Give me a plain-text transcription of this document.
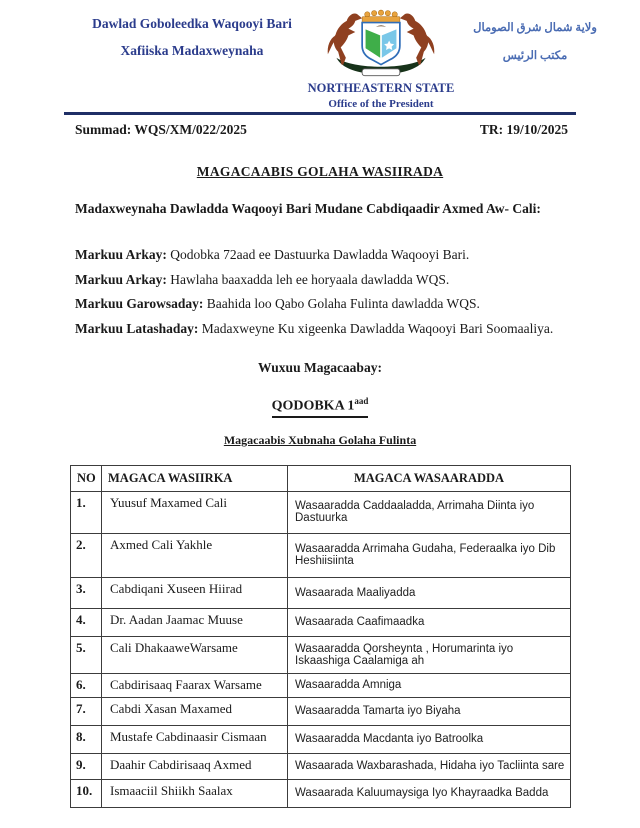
Dawlad Goboleedka Waqooyi Bari
Xafiiska Madaxweynaha
NORTHEASTERN STATE
Office of the President
ولاية شمال شرق الصومال
مكتب الرئيس
Summad: WQS/XM/022/2025	TR: 19/10/2025
MAGACAABIS GOLAHA WASIIRADA
Madaxweynaha Dawladda Waqooyi Bari Mudane Cabdiqaadir Axmed Aw- Cali:
Markuu Arkay: Qodobka 72aad ee Dastuurka Dawladda Waqooyi Bari.
Markuu Arkay: Hawlaha baaxadda leh ee horyaala dawladda WQS.
Markuu Garowsaday: Baahida loo Qabo Golaha Fulinta dawladda WQS.
Markuu Latashaday: Madaxweyne Ku xigeenka Dawladda Waqooyi Bari Soomaaliya.
Wuxuu Magacaabay:
QODOBKA $1^{aad}$
Magacaabis Xubnaha Golaha Fulinta
NO	MAGACA WASIIRKA	MAGACA WASAARADDA
1.	Yuusuf Maxamed Cali	Wasaaradda Caddaaladda, Arrimaha Diinta iyo Dastuurka
2.	Axmed Cali Yakhle	Wasaaradda Arrimaha Gudaha, Federaalka iyo Dib Heshiisiinta
3.	Cabdiqani Xuseen Hiirad	Wasaarada Maaliyadda
4.	Dr. Aadan Jaamac Muuse	Wasaarada Caafimaadka
5.	Cali DhakaaweWarsame	Wasaaradda Qorsheynta , Horumarinta iyo Iskaashiga Caalamiga ah
6.	Cabdirisaaq Faarax Warsame	Wasaaradda Amniga
7.	Cabdi Xasan Maxamed	Wasaaradda Tamarta iyo Biyaha
8.	Mustafe Cabdinaasir Cismaan	Wasaaradda Macdanta iyo Batroolka
9.	Daahir Cabdirisaaq Axmed	Wasaarada Waxbarashada, Hidaha iyo Tacliinta sare
10.	Ismaaciil Shiikh Saalax	Wasaarada Kaluumaysiga Iyo Khayraadka Badda
